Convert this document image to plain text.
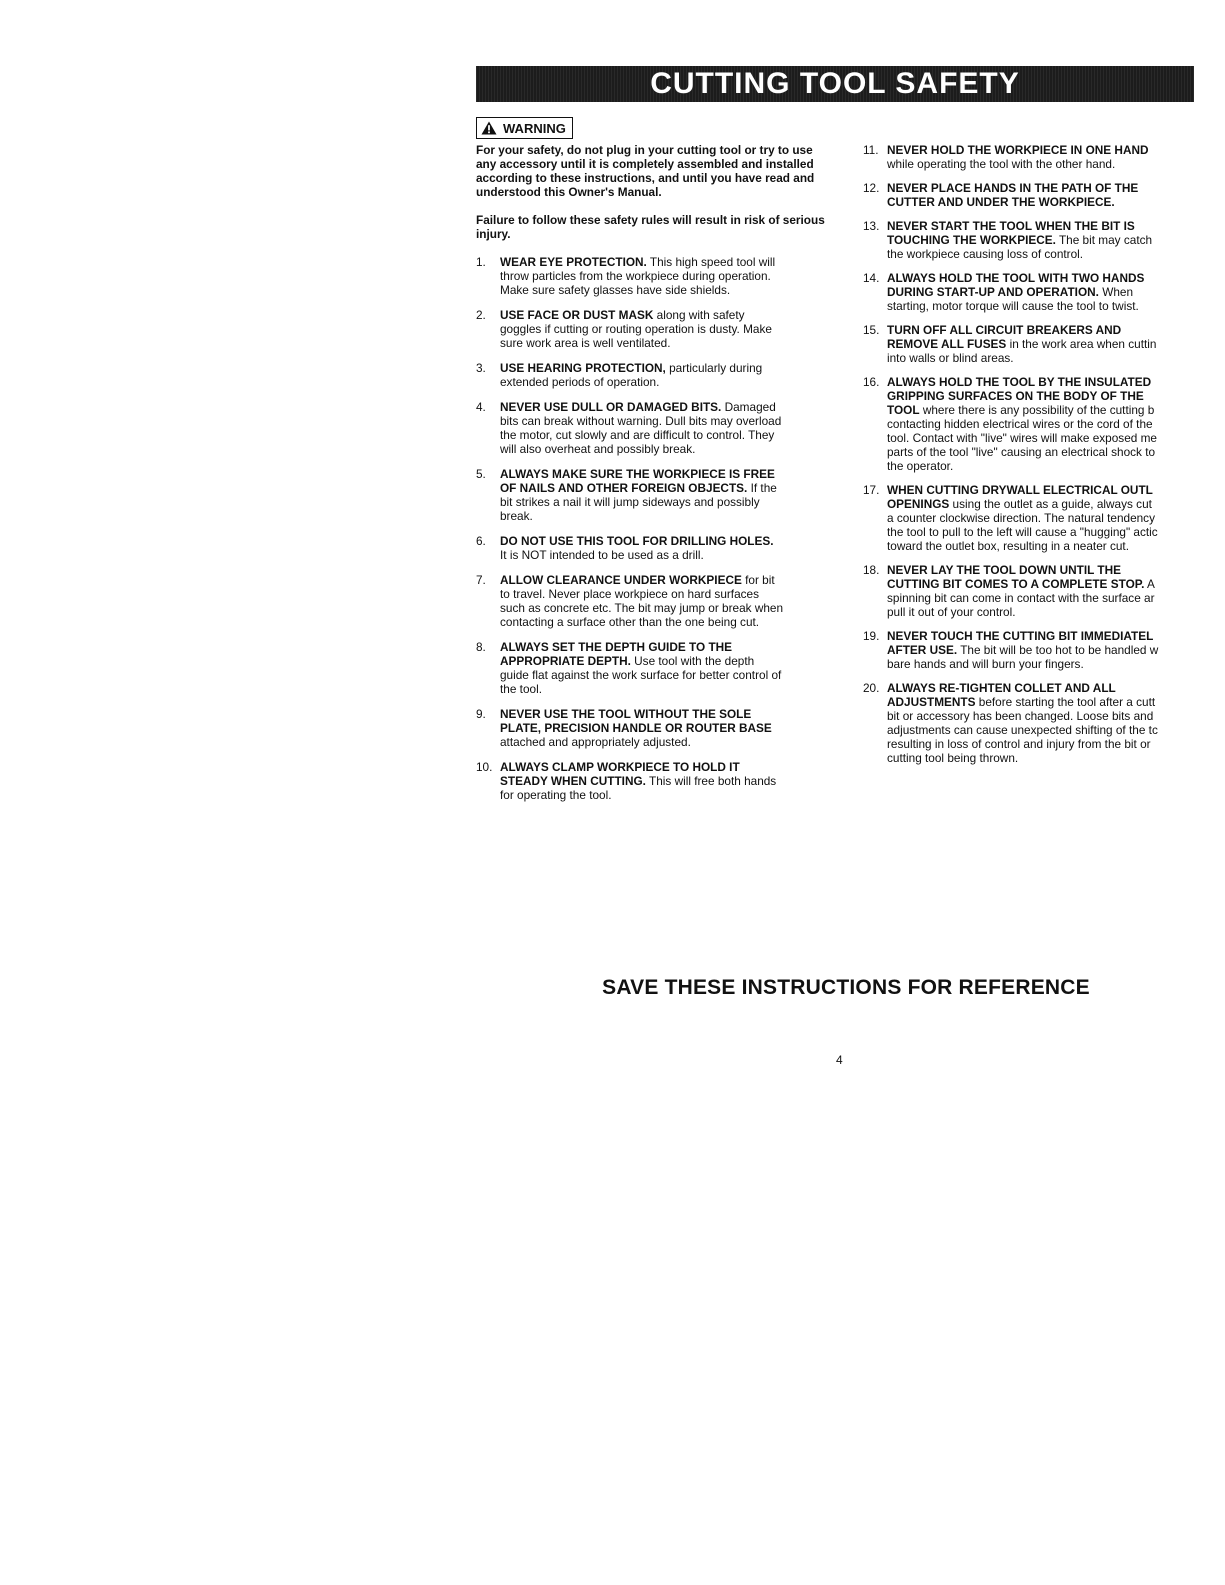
CUTTING TOOL SAFETY
WARNING

For your safety, do not plug in your cutting tool or try to use any accessory until it is completely assembled and installed according to these instructions, and until you have read and understood this Owner's Manual.

Failure to follow these safety rules will result in risk of serious injury.

1.	WEAR EYE PROTECTION. This high speed tool will
throw particles from the workpiece during operation.
Make sure safety glasses have side shields.
2.	USE FACE OR DUST MASK along with safety
goggles if cutting or routing operation is dusty. Make
sure work area is well ventilated.
3.	USE HEARING PROTECTION, particularly during
extended periods of operation.
4.	NEVER USE DULL OR DAMAGED BITS. Damaged
bits can break without warning. Dull bits may overload
the motor, cut slowly and are difficult to control. They
will also overheat and possibly break.
5.	ALWAYS MAKE SURE THE WORKPIECE IS FREE
OF NAILS AND OTHER FOREIGN OBJECTS. If the
bit strikes a nail it will jump sideways and possibly
break.
6.	DO NOT USE THIS TOOL FOR DRILLING HOLES.
It is NOT intended to be used as a drill.
7.	ALLOW CLEARANCE UNDER WORKPIECE for bit
to travel. Never place workpiece on hard surfaces
such as concrete etc. The bit may jump or break when
contacting a surface other than the one being cut.
8.	ALWAYS SET THE DEPTH GUIDE TO THE
APPROPRIATE DEPTH. Use tool with the depth
guide flat against the work surface for better control of
the tool.
9.	NEVER USE THE TOOL WITHOUT THE SOLE
PLATE, PRECISION HANDLE OR ROUTER BASE
attached and appropriately adjusted.
10. ALWAYS CLAMP WORKPIECE TO HOLD IT
STEADY WHEN CUTTING. This will free both hands
for operating the tool.
11. NEVER HOLD THE WORKPIECE IN ONE HAND
while operating the tool with the other hand.
12. NEVER PLACE HANDS IN THE PATH OF THE
CUTTER AND UNDER THE WORKPIECE.
13. NEVER START THE TOOL WHEN THE BIT IS
TOUCHING THE WORKPIECE. The bit may catch
the workpiece causing loss of control.
14. ALWAYS HOLD THE TOOL WITH TWO HANDS
DURING START-UP AND OPERATION. When
starting, motor torque will cause the tool to twist.
15. TURN OFF ALL CIRCUIT BREAKERS AND
REMOVE ALL FUSES in the work area when cuttin
into walls or blind areas.
16. ALWAYS HOLD THE TOOL BY THE INSULATED
GRIPPING SURFACES ON THE BODY OF THE
TOOL where there is any possibility of the cutting b
contacting hidden electrical wires or the cord of the
tool. Contact with "live" wires will make exposed me
parts of the tool "live" causing an electrical shock to
the operator.
17. WHEN CUTTING DRYWALL ELECTRICAL OUTL
OPENINGS using the outlet as a guide, always cut
a counter clockwise direction. The natural tendency
the tool to pull to the left will cause a "hugging" actic
toward the outlet box, resulting in a neater cut.
18. NEVER LAY THE TOOL DOWN UNTIL THE
CUTTING BIT COMES TO A COMPLETE STOP. A
spinning bit can come in contact with the surface ar
pull it out of your control.
19. NEVER TOUCH THE CUTTING BIT IMMEDIATEL
AFTER USE. The bit will be too hot to be handled w
bare hands and will burn your fingers.
20. ALWAYS RE-TIGHTEN COLLET AND ALL
ADJUSTMENTS before starting the tool after a cutt
bit or accessory has been changed. Loose bits and
adjustments can cause unexpected shifting of the tc
resulting in loss of control and injury from the bit or
cutting tool being thrown.
SAVE THESE INSTRUCTIONS FOR REFERENCE
4
